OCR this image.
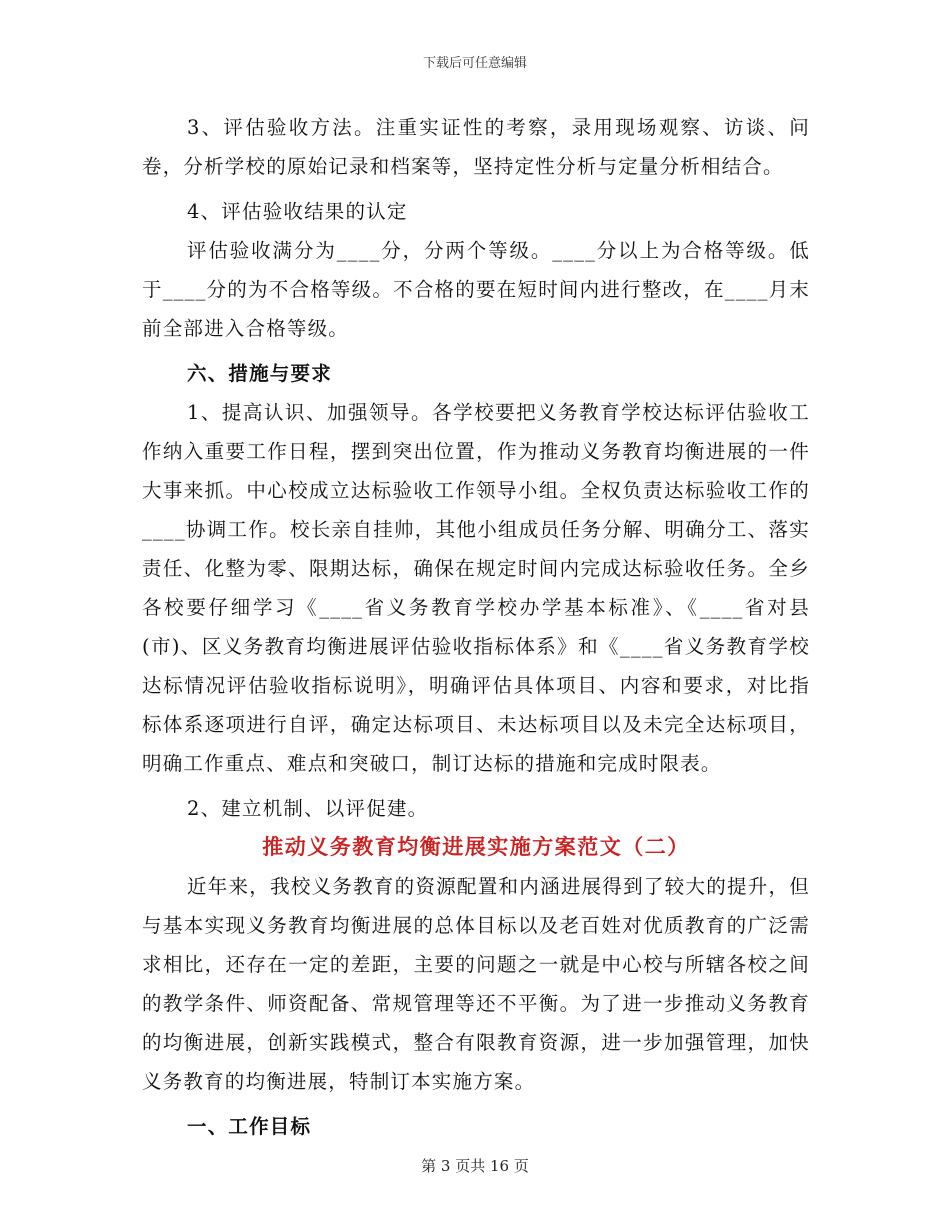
下载后可任意编辑

3、评估验收方法。注重实证性的考察，录用现场观察、访谈、问卷，分析学校的原始记录和档案等，坚持定性分析与定量分析相结合。

4、评估验收结果的认定

评估验收满分为____分，分两个等级。____分以上为合格等级。低于____分的为不合格等级。不合格的要在短时间内进行整改，在____月末前全部进入合格等级。

六、措施与要求

1、提高认识、加强领导。各学校要把义务教育学校达标评估验收工作纳入重要工作日程，摆到突出位置，作为推动义务教育均衡进展的一件大事来抓。中心校成立达标验收工作领导小组。全权负责达标验收工作的____协调工作。校长亲自挂帅，其他小组成员任务分解、明确分工、落实责任、化整为零、限期达标，确保在规定时间内完成达标验收任务。全乡各校要仔细学习《____省义务教育学校办学基本标准》、《____省对县(市)、区义务教育均衡进展评估验收指标体系》和《____省义务教育学校达标情况评估验收指标说明》，明确评估具体项目、内容和要求，对比指标体系逐项进行自评，确定达标项目、未达标项目以及未完全达标项目，明确工作重点、难点和突破口，制订达标的措施和完成时限表。

2、建立机制、以评促建。

推动义务教育均衡进展实施方案范文（二）

近年来，我校义务教育的资源配置和内涵进展得到了较大的提升，但与基本实现义务教育均衡进展的总体目标以及老百姓对优质教育的广泛需求相比，还存在一定的差距，主要的问题之一就是中心校与所辖各校之间的教学条件、师资配备、常规管理等还不平衡。为了进一步推动义务教育的均衡进展，创新实践模式，整合有限教育资源，进一步加强管理，加快义务教育的均衡进展，特制订本实施方案。

一、工作目标

第 3 页共 16 页
